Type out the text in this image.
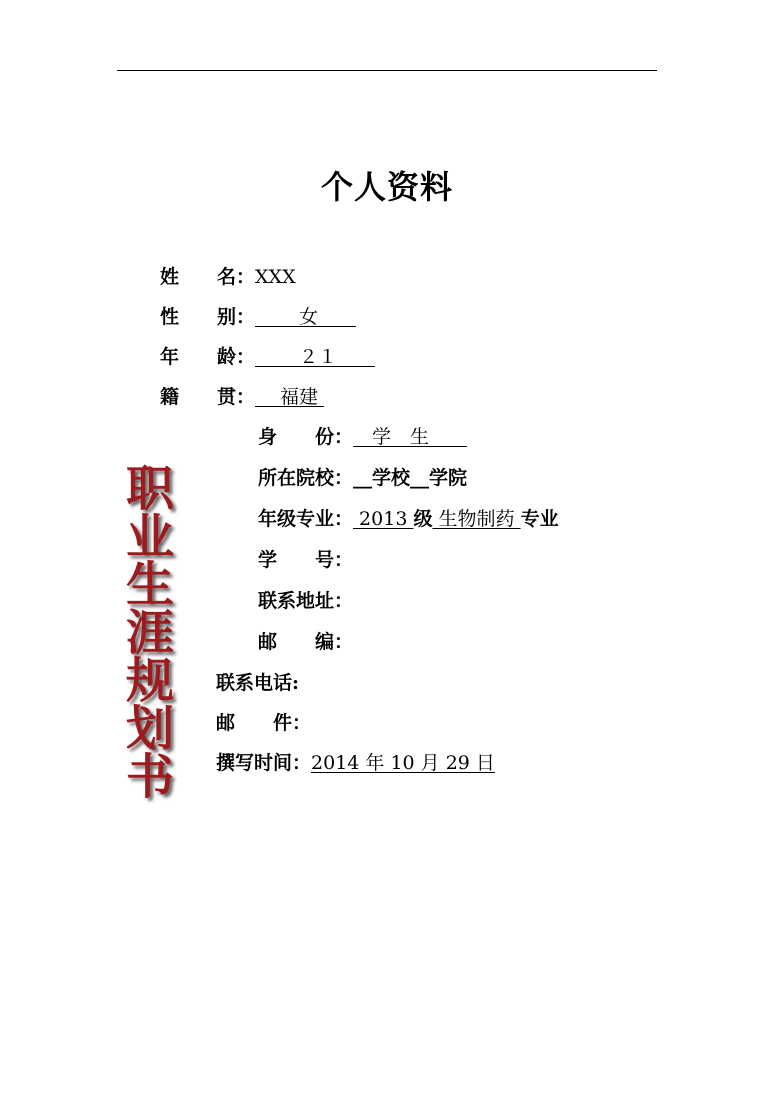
个人资料
职
业
生
涯
规
划
书
姓　　名：XXX
性　　别：　　 女　　
年　　龄：　　 ２１　　
籍　　贯：　 福建
身　　份：　学　生　　
所在院校：__学校__学院
年级专业： 2013 级 生物制药 专业
学　　号：
联系地址：
邮　　编：
联系电话:
邮　　件：
撰写时间：2014 年 10 月 29 日
